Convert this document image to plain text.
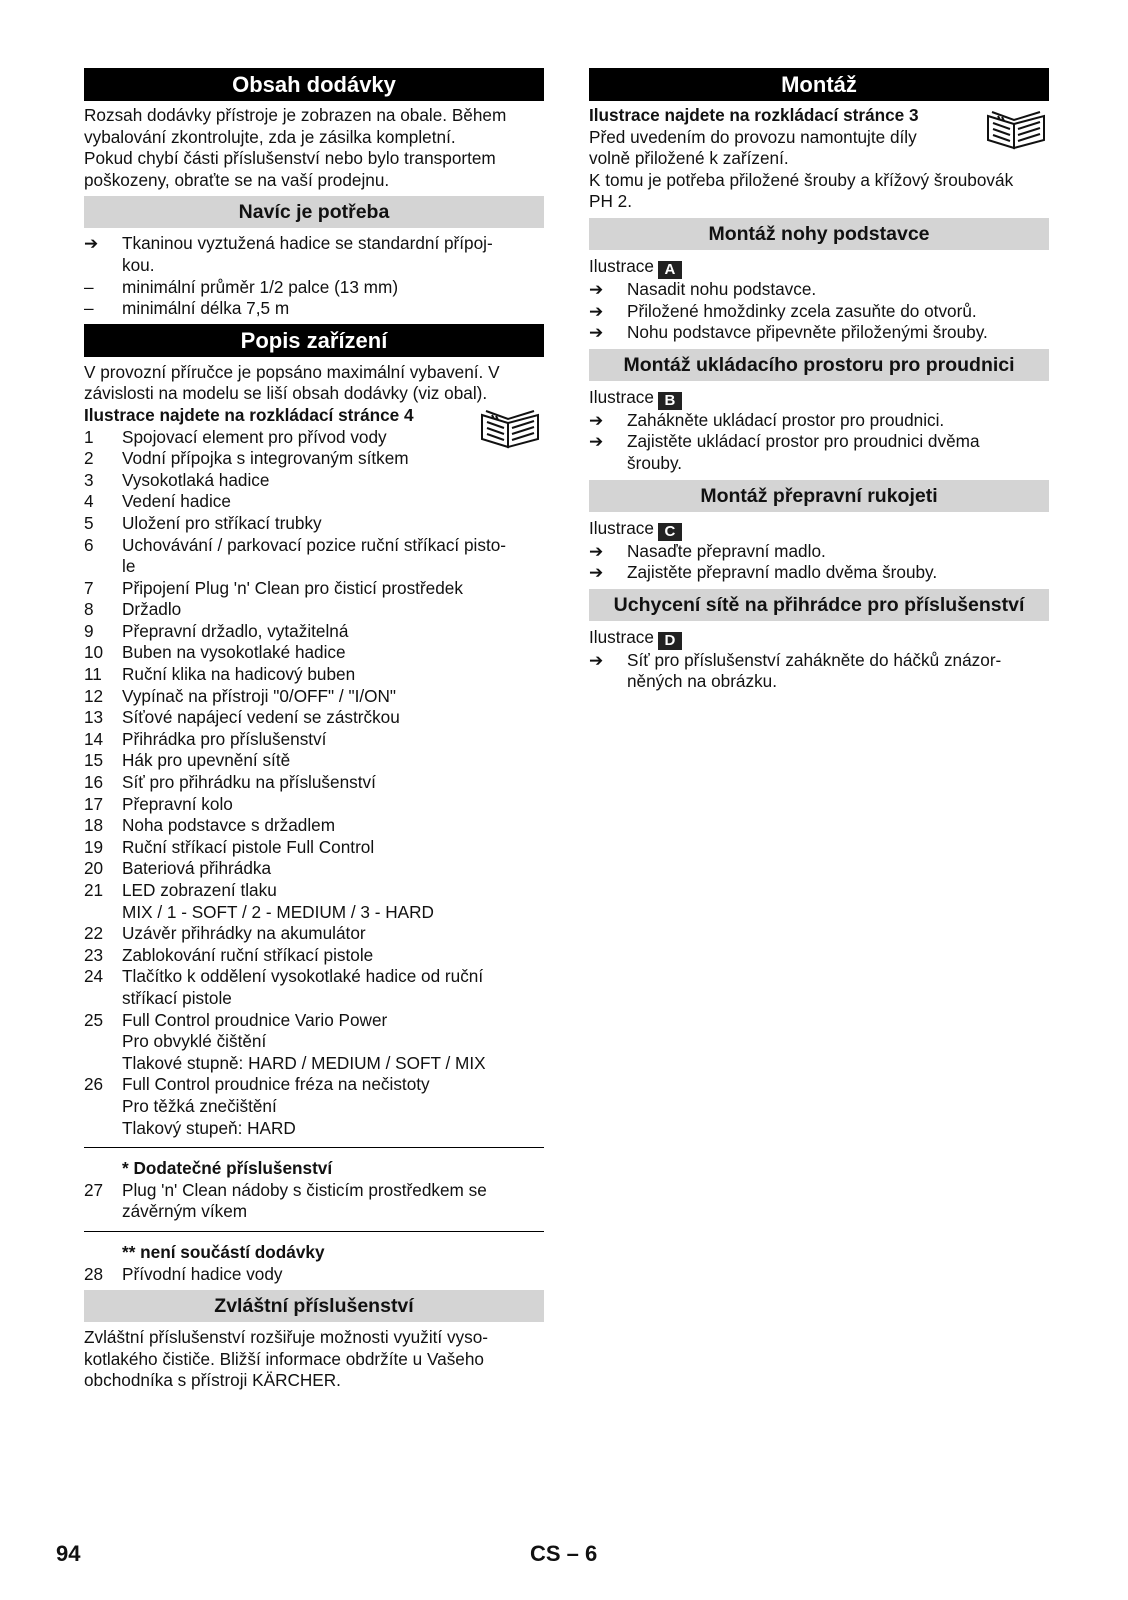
Obsah dodávky
Rozsah dodávky přístroje je zobrazen na obale. Během
vybalování zkontrolujte, zda je zásilka kompletní.
Pokud chybí části příslušenství nebo bylo transportem
poškozeny, obraťte se na vaší prodejnu.
Navíc je potřeba
➔	Tkaninou vyztužená hadice se standardní přípoj-
kou.
–	minimální průměr 1/2 palce (13 mm)
–	minimální délka 7,5 m
Popis zařízení
V provozní příručce je popsáno maximální vybavení. V
závislosti na modelu se liší obsah dodávky (viz obal).
Ilustrace najdete na rozkládací stránce 4
1	Spojovací element pro přívod vody
2	Vodní přípojka s integrovaným sítkem
3	Vysokotlaká hadice
4	Vedení hadice
5	Uložení pro stříkací trubky
6	Uchovávání / parkovací pozice ruční stříkací pisto-
le
7	Připojení Plug 'n' Clean pro čisticí prostředek
8	Držadlo
9	Přepravní držadlo, vytažitelná
10	Buben na vysokotlaké hadice
11	Ruční klika na hadicový buben
12	Vypínač na přístroji "0/OFF" / "I/ON"
13	Síťové napájecí vedení se zástrčkou
14	Přihrádka pro příslušenství
15	Hák pro upevnění sítě
16	Síť pro přihrádku na příslušenství
17	Přepravní kolo
18	Noha podstavce s držadlem
19	Ruční stříkací pistole Full Control
20	Bateriová přihrádka
21	LED zobrazení tlaku
MIX / 1 - SOFT / 2 - MEDIUM / 3 - HARD
22	Uzávěr přihrádky na akumulátor
23	Zablokování ruční stříkací pistole
24	Tlačítko k oddělení vysokotlaké hadice od ruční
stříkací pistole
25	Full Control proudnice Vario Power
Pro obvyklé čištění
Tlakové stupně: HARD / MEDIUM / SOFT / MIX
26	Full Control proudnice fréza na nečistoty
Pro těžká znečištění
Tlakový stupeň: HARD
* Dodatečné příslušenství
27	Plug 'n' Clean nádoby s čisticím prostředkem se
závěrným víkem
** není součástí dodávky
28	Přívodní hadice vody
Zvláštní příslušenství
Zvláštní příslušenství rozšiřuje možnosti využití vyso-
kotlakého čističe. Bližší informace obdržíte u Vašeho
obchodníka s přístroji KÄRCHER.
Montáž
Ilustrace najdete na rozkládací stránce 3
Před uvedením do provozu namontujte díly
volně přiložené k zařízení.
K tomu je potřeba přiložené šrouby a křížový šroubovák
PH 2.
Montáž nohy podstavce
Ilustrace A
➔	Nasadit nohu podstavce.
➔	Přiložené hmoždinky zcela zasuňte do otvorů.
➔	Nohu podstavce připevněte přiloženými šrouby.
Montáž ukládacího prostoru pro proudnici
Ilustrace B
➔	Zahákněte ukládací prostor pro proudnici.
➔	Zajistěte ukládací prostor pro proudnici dvěma
šrouby.
Montáž přepravní rukojeti
Ilustrace C
➔	Nasaďte přepravní madlo.
➔	Zajistěte přepravní madlo dvěma šrouby.
Uchycení sítě na přihrádce pro příslušenství
Ilustrace D
➔	Síť pro příslušenství zahákněte do háčků znázor-
něných na obrázku.
94	CS – 6
